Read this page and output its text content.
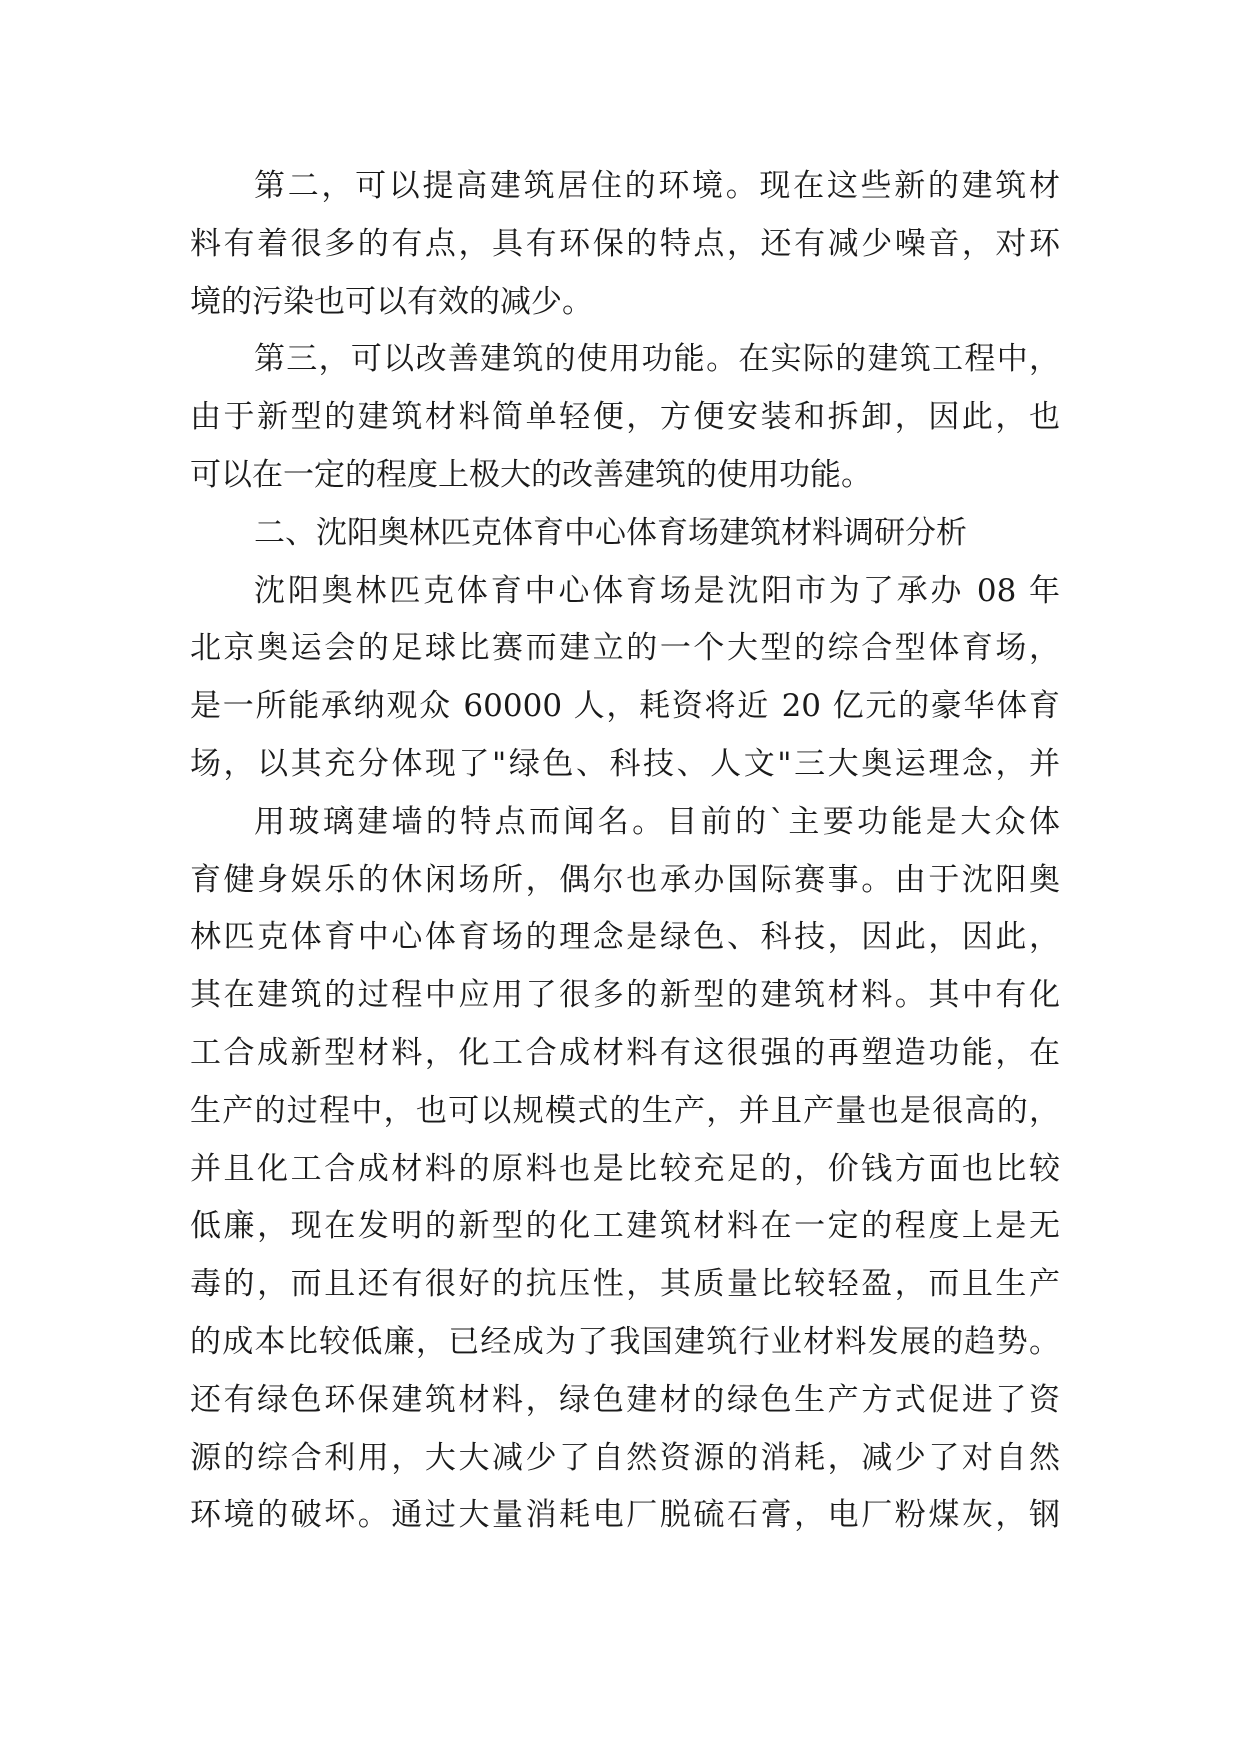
第二，可以提高建筑居住的环境。现在这些新的建筑材
料有着很多的有点，具有环保的特点，还有减少噪音，对环
境的污染也可以有效的减少。
第三，可以改善建筑的使用功能。在实际的建筑工程中，
由于新型的建筑材料简单轻便，方便安装和拆卸，因此，也
可以在一定的程度上极大的改善建筑的使用功能。
二、沈阳奥林匹克体育中心体育场建筑材料调研分析
沈阳奥林匹克体育中心体育场是沈阳市为了承办 08 年
北京奥运会的足球比赛而建立的一个大型的综合型体育场，
是一所能承纳观众 60000 人，耗资将近 20 亿元的豪华体育
场，以其充分体现了"绿色、科技、人文"三大奥运理念，并
用玻璃建墙的特点而闻名。目前的`主要功能是大众体
育健身娱乐的休闲场所，偶尔也承办国际赛事。由于沈阳奥
林匹克体育中心体育场的理念是绿色、科技，因此，因此，
其在建筑的过程中应用了很多的新型的建筑材料。其中有化
工合成新型材料，化工合成材料有这很强的再塑造功能，在
生产的过程中，也可以规模式的生产，并且产量也是很高的，
并且化工合成材料的原料也是比较充足的，价钱方面也比较
低廉，现在发明的新型的化工建筑材料在一定的程度上是无
毒的，而且还有很好的抗压性，其质量比较轻盈，而且生产
的成本比较低廉，已经成为了我国建筑行业材料发展的趋势。
还有绿色环保建筑材料，绿色建材的绿色生产方式促进了资
源的综合利用，大大减少了自然资源的消耗，减少了对自然
环境的破坏。通过大量消耗电厂脱硫石膏，电厂粉煤灰，钢
